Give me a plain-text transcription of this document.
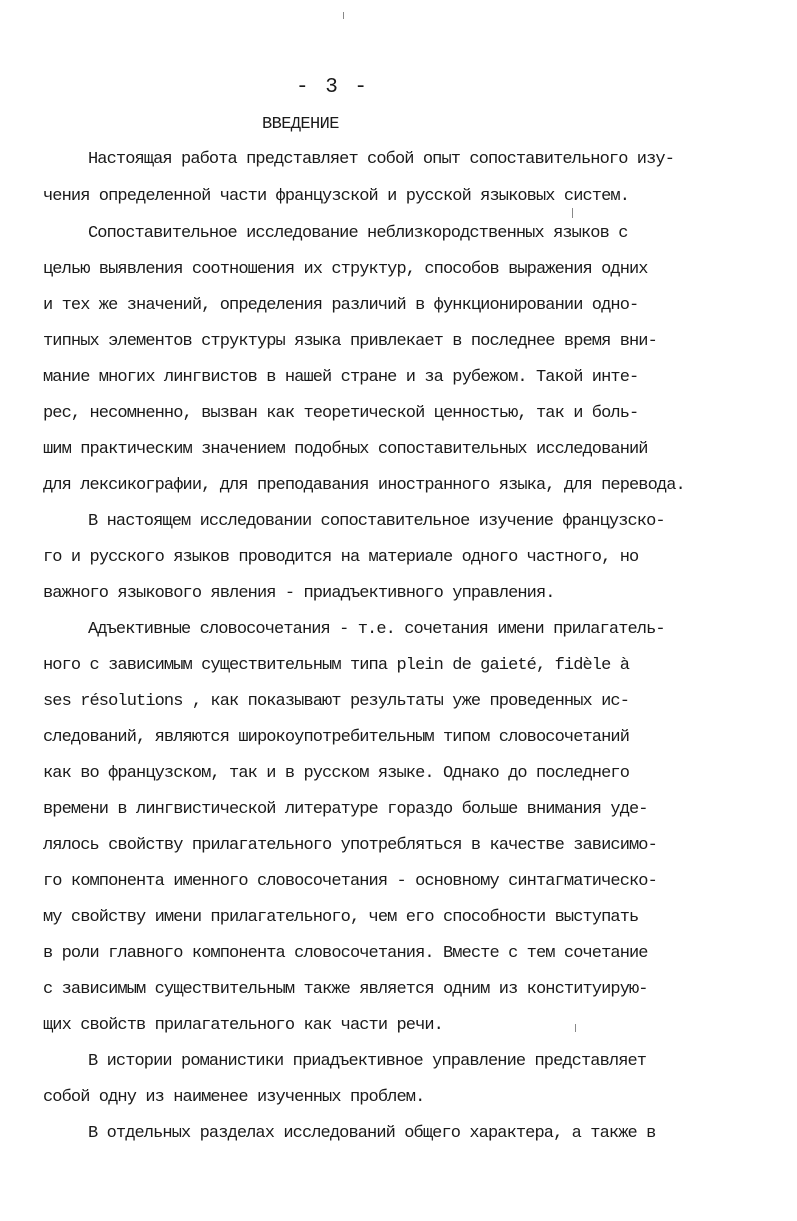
- 3 -
ВВЕДЕНИЕ
Настоящая работа представляет собой опыт сопоставительного изу-
чения определенной части французской и русской языковых систем.
Сопоставительное исследование неблизкородственных языков с
целью выявления соотношения их структур, способов выражения одних
и тех же значений, определения различий в функционировании одно-
типных элементов структуры языка привлекает в последнее время вни-
мание многих лингвистов в нашей стране и за рубежом. Такой инте-
рес, несомненно, вызван как теоретической ценностью, так и боль-
шим практическим значением подобных сопоставительных исследований
для лексикографии, для преподавания иностранного языка, для перевода.
В настоящем исследовании сопоставительное изучение французско-
го и русского языков проводится на материале одного частного, но
важного языкового явления - приадъективного управления.
Адъективные словосочетания - т.е. сочетания имени прилагатель-
ного с зависимым существительным типа plein de gaieté, fidèle à
ses résolutions , как показывают результаты уже проведенных ис-
следований, являются широкоупотребительным типом словосочетаний
как во французском, так и в русском языке. Однако до последнего
времени в лингвистической литературе гораздо больше внимания уде-
лялось свойству прилагательного употребляться в качестве зависимо-
го компонента именного словосочетания - основному синтагматическо-
му свойству имени прилагательного, чем его способности выступать
в роли главного компонента словосочетания. Вместе с тем сочетание
с зависимым существительным также является одним из конституирую-
щих свойств прилагательного как части речи.
В истории романистики приадъективное управление представляет
собой одну из наименее изученных проблем.
В отдельных разделах исследований общего характера, а также в
